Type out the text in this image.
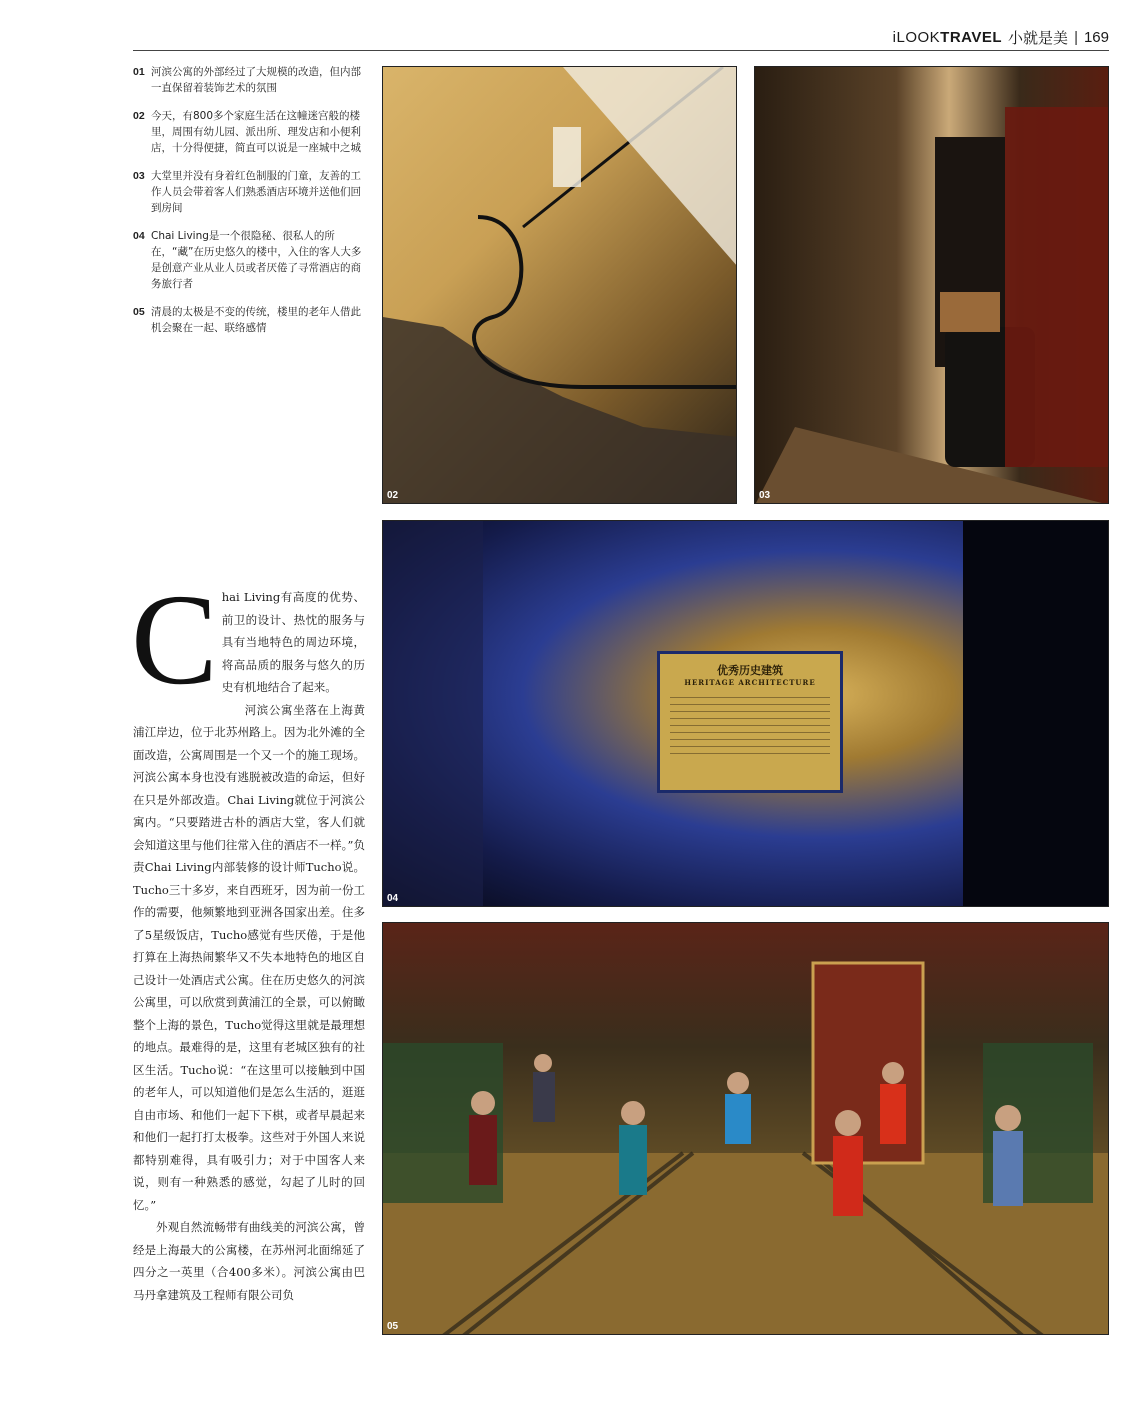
iLOOKTRAVEL 小就是美 | 169
01 河滨公寓的外部经过了大规模的改造，但内部一直保留着装饰艺术的氛围
02 今天，有800多个家庭生活在这幢迷宫般的楼里，周围有幼儿园、派出所、理发店和小便利店，十分得便捷，简直可以说是一座城中之城
03 大堂里并没有身着红色制服的门童，友善的工作人员会带着客人们熟悉酒店环境并送他们回到房间
04 Chai Living是一个很隐秘、很私人的所在，“藏”在历史悠久的楼中，入住的客人大多是创意产业从业人员或者厌倦了寻常酒店的商务旅行者
05 清晨的太极是不变的传统，楼里的老年人借此机会聚在一起、联络感情
02	03
优秀历史建筑
HERITAGE ARCHITECTURE
04
05
C hai Living有高度的优势、前卫的设计、热忱的服务与具有当地特色的周边环境，将高品质的服务与悠久的历史有机地结合了起来。

河滨公寓坐落在上海黄浦江岸边，位于北苏州路上。因为北外滩的全面改造，公寓周围是一个又一个的施工现场。河滨公寓本身也没有逃脱被改造的命运，但好在只是外部改造。Chai Living就位于河滨公寓内。“只要踏进古朴的酒店大堂，客人们就会知道这里与他们往常入住的酒店不一样。”负责Chai Living内部装修的设计师Tucho说。Tucho三十多岁，来自西班牙，因为前一份工作的需要，他频繁地到亚洲各国家出差。住多了5星级饭店，Tucho感觉有些厌倦，于是他打算在上海热闹繁华又不失本地特色的地区自己设计一处酒店式公寓。住在历史悠久的河滨公寓里，可以欣赏到黄浦江的全景，可以俯瞰整个上海的景色，Tucho觉得这里就是最理想的地点。最难得的是，这里有老城区独有的社区生活。Tucho说：“在这里可以接触到中国的老年人，可以知道他们是怎么生活的，逛逛自由市场、和他们一起下下棋，或者早晨起来和他们一起打打太极拳。这些对于外国人来说都特别难得，具有吸引力；对于中国客人来说，则有一种熟悉的感觉，勾起了儿时的回忆。”

外观自然流畅带有曲线美的河滨公寓，曾经是上海最大的公寓楼，在苏州河北面绵延了四分之一英里（合400多米）。河滨公寓由巴马丹拿建筑及工程师有限公司负
